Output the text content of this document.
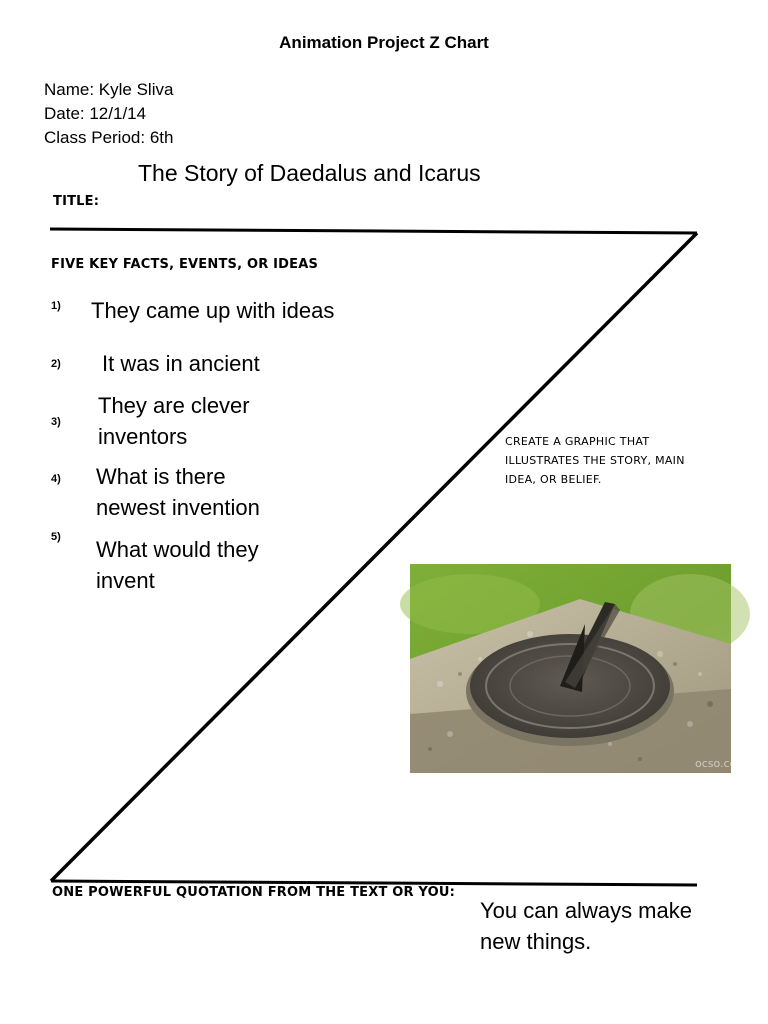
Animation Project Z Chart
Name: Kyle Sliva
Date: 12/1/14
Class Period: 6th
The Story of Daedalus and Icarus
TITLE:
FIVE KEY FACTS, EVENTS, OR IDEAS
1) They came up with ideas
2) It was in ancient
3)
They are clever inventors
4) What is there newest invention
5) What would they invent
CREATE A GRAPHIC THAT ILLUSTRATES THE STORY, MAIN IDEA, OR BELIEF.
ocso.com
ONE POWERFUL QUOTATION FROM THE TEXT OR YOU:
You can always make new things.
